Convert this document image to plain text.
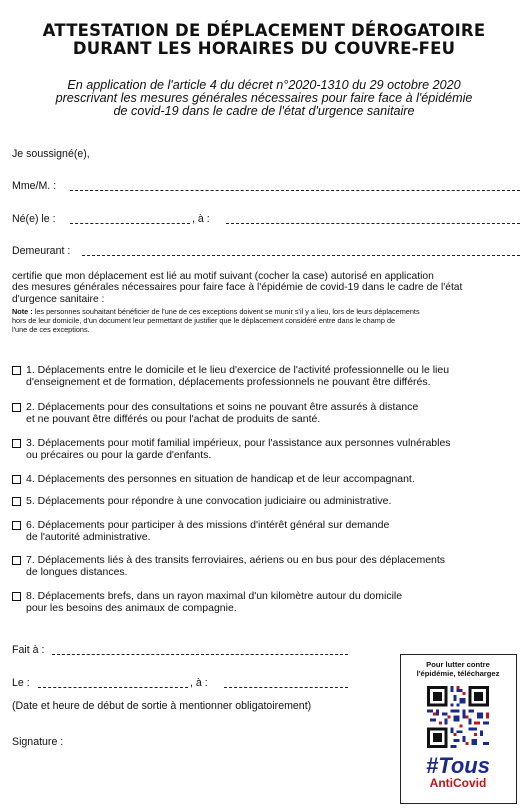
ATTESTATION DE DÉPLACEMENT DÉROGATOIRE
DURANT LES HORAIRES DU COUVRE-FEU
En application de l'article 4 du décret n°2020-1310 du 29 octobre 2020
prescrivant les mesures générales nécessaires pour faire face à l'épidémie
de covid-19 dans le cadre de l'état d'urgence sanitaire
Je soussigné(e),
Mme/M. :
Né(e) le :	, à :
Demeurant :
certifie que mon déplacement est lié au motif suivant (cocher la case) autorisé en application
des mesures générales nécessaires pour faire face à l'épidémie de covid-19 dans le cadre de l'état
d'urgence sanitaire :
Note : les personnes souhaitant bénéficier de l'une de ces exceptions doivent se munir s'il y a lieu, lors de leurs déplacements
hors de leur domicile, d'un document leur permettant de justifier que le déplacement considéré entre dans le champ de
l'une de ces exceptions.
1. Déplacements entre le domicile et le lieu d'exercice de l'activité professionnelle ou le lieu
d'enseignement et de formation, déplacements professionnels ne pouvant être différés.
2. Déplacements pour des consultations et soins ne pouvant être assurés à distance
et ne pouvant être différés ou pour l'achat de produits de santé.
3. Déplacements pour motif familial impérieux, pour l'assistance aux personnes vulnérables
ou précaires ou pour la garde d'enfants.
4. Déplacements des personnes en situation de handicap et de leur accompagnant.
5. Déplacements pour répondre à une convocation judiciaire ou administrative.
6. Déplacements pour participer à des missions d'intérêt général sur demande
de l'autorité administrative.
7. Déplacements liés à des transits ferroviaires, aériens ou en bus pour des déplacements
de longues distances.
8. Déplacements brefs, dans un rayon maximal d'un kilomètre autour du domicile
pour les besoins des animaux de compagnie.
Fait à :
Le :	, à :
(Date et heure de début de sortie à mentionner obligatoirement)
Signature :
Pour lutter contre
l'épidémie, téléchargez
#Tous
AntiCovid
